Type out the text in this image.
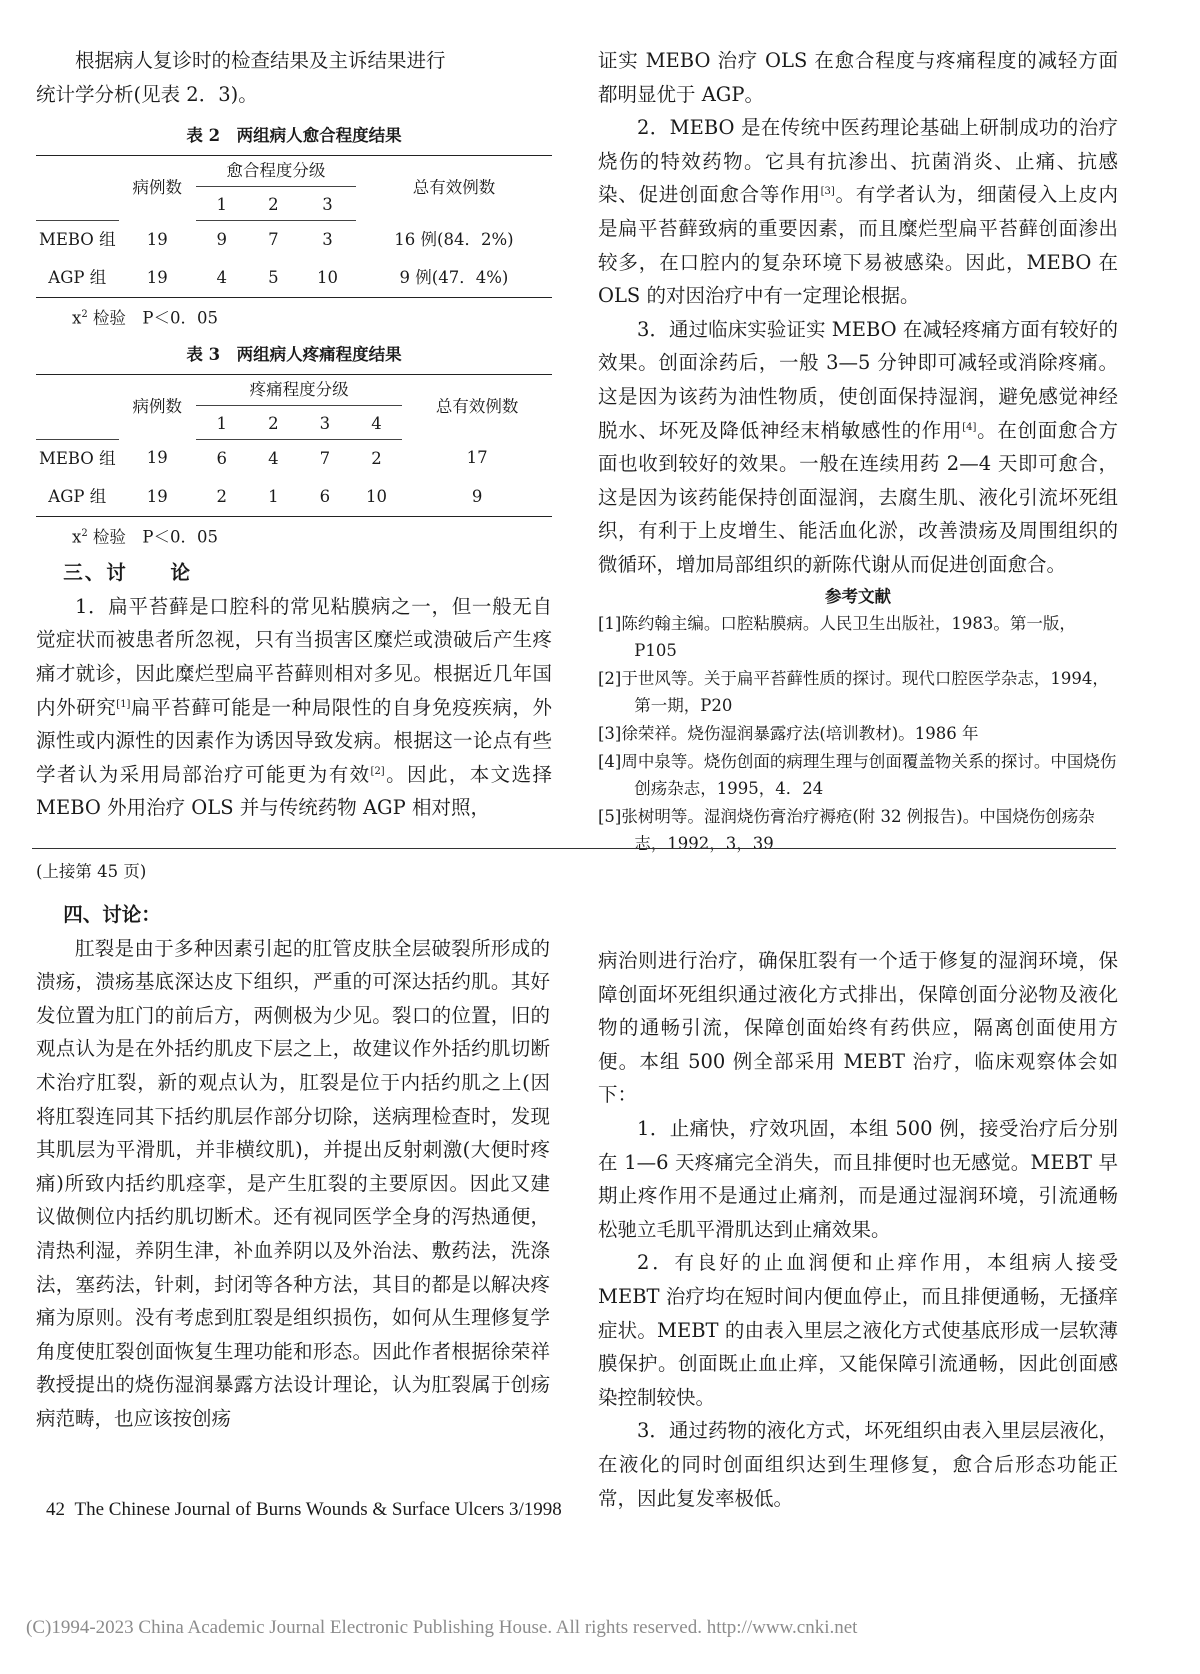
根据病人复诊时的检查结果及主诉结果进行

统计学分析(见表 2．3)。

表 2　两组病人愈合程度结果
	病例数	愈合程度分级			总有效例数
		1	2	3	
MEBO 组	19	9	7	3	16 例(84．2%)
AGP 组	19	4	5	10	9 例(47．4%)
$x^2$ 检验　P＜0．05
表 3　两组病人疼痛程度结果
	病例数	疼痛程度分级				总有效例数
		1	2	3	4	
MEBO 组	19	6	4	7	2	17
AGP 组	19	2	1	6	10	9
$x^2$ 检验　P＜0．05

三、讨　　论

1．扁平苔藓是口腔科的常见粘膜病之一，但一般无自觉症状而被患者所忽视，只有当损害区糜烂或溃破后产生疼痛才就诊，因此糜烂型扁平苔藓则相对多见。根据近几年国内外研究[1]扁平苔藓可能是一种局限性的自身免疫疾病，外源性或内源性的因素作为诱因导致发病。根据这一论点有些学者认为采用局部治疗可能更为有效[2]。因此，本文选择 MEBO 外用治疗 OLS 并与传统药物 AGP 相对照，

证实 MEBO 治疗 OLS 在愈合程度与疼痛程度的减轻方面都明显优于 AGP。

2．MEBO 是在传统中医药理论基础上研制成功的治疗烧伤的特效药物。它具有抗渗出、抗菌消炎、止痛、抗感染、促进创面愈合等作用[3]。有学者认为，细菌侵入上皮内是扁平苔藓致病的重要因素，而且糜烂型扁平苔藓创面渗出较多，在口腔内的复杂环境下易被感染。因此，MEBO 在 OLS 的对因治疗中有一定理论根据。

3．通过临床实验证实 MEBO 在减轻疼痛方面有较好的效果。创面涂药后，一般 3—5 分钟即可减轻或消除疼痛。这是因为该药为油性物质，使创面保持湿润，避免感觉神经脱水、坏死及降低神经末梢敏感性的作用[4]。在创面愈合方面也收到较好的效果。一般在连续用药 2—4 天即可愈合，这是因为该药能保持创面湿润，去腐生肌、液化引流坏死组织，有利于上皮增生、能活血化淤，改善溃疡及周围组织的微循环，增加局部组织的新陈代谢从而促进创面愈合。

参考文献
[1]陈约翰主编。口腔粘膜病。人民卫生出版社，1983。第一版，P105
[2]于世风等。关于扁平苔藓性质的探讨。现代口腔医学杂志，1994，第一期，P20
[3]徐荣祥。烧伤湿润暴露疗法(培训教材)。1986 年
[4]周中泉等。烧伤创面的病理生理与创面覆盖物关系的探讨。中国烧伤创疡杂志，1995，4．24
[5]张树明等。湿润烧伤膏治疗褥疮(附 32 例报告)。中国烧伤创疡杂志，1992，3，39
(上接第 45 页)

四、讨论：

肛裂是由于多种因素引起的肛管皮肤全层破裂所形成的溃疡，溃疡基底深达皮下组织，严重的可深达括约肌。其好发位置为肛门的前后方，两侧极为少见。裂口的位置，旧的观点认为是在外括约肌皮下层之上，故建议作外括约肌切断术治疗肛裂，新的观点认为，肛裂是位于内括约肌之上(因将肛裂连同其下括约肌层作部分切除，送病理检查时，发现其肌层为平滑肌，并非横纹肌)，并提出反射刺激(大便时疼痛)所致内括约肌痉挛，是产生肛裂的主要原因。因此又建议做侧位内括约肌切断术。还有视同医学全身的泻热通便，清热利湿，养阴生津，补血养阴以及外治法、敷药法，洗涤法，塞药法，针刺，封闭等各种方法，其目的都是以解决疼痛为原则。没有考虑到肛裂是组织损伤，如何从生理修复学角度使肛裂创面恢复生理功能和形态。因此作者根据徐荣祥教授提出的烧伤湿润暴露方法设计理论，认为肛裂属于创疡病范畴，也应该按创疡

病治则进行治疗，确保肛裂有一个适于修复的湿润环境，保障创面坏死组织通过液化方式排出，保障创面分泌物及液化物的通畅引流，保障创面始终有药供应，隔离创面使用方便。本组 500 例全部采用 MEBT 治疗，临床观察体会如下：

1．止痛快，疗效巩固，本组 500 例，接受治疗后分别在 1—6 天疼痛完全消失，而且排便时也无感觉。MEBT 早期止疼作用不是通过止痛剂，而是通过湿润环境，引流通畅松驰立毛肌平滑肌达到止痛效果。

2．有良好的止血润便和止痒作用，本组病人接受 MEBT 治疗均在短时间内便血停止，而且排便通畅，无搔痒症状。MEBT 的由表入里层之液化方式使基底形成一层软薄膜保护。创面既止血止痒，又能保障引流通畅，因此创面感染控制较快。

3．通过药物的液化方式，坏死组织由表入里层层液化，在液化的同时创面组织达到生理修复，愈合后形态功能正常，因此复发率极低。

42 The Chinese Journal of Burns Wounds & Surface Ulcers 3/1998
(C)1994-2023 China Academic Journal Electronic Publishing House. All rights reserved. http://www.cnki.net
